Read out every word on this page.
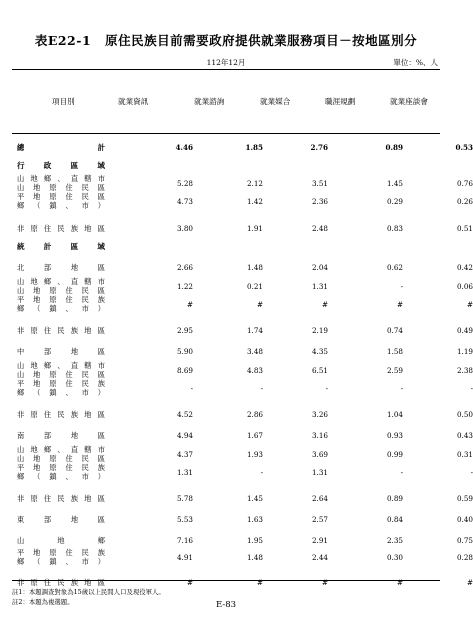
表E22-1 原住民族目前需要政府提供就業服務項目－按地區別分
112年12月	單位：%、人
項目別	就業資訊	就業諮詢	就業媒合	職涯規劃	就業座談會
總	計	4.46	1.85	2.76	0.89	0.53
行	政	區	域
山 地 鄉 、 直 轄 市
山 地 原 住 民 區	5.28	2.12	3.51	1.45	0.76
平 地 原 住 民 區
鄉 （ 鎮 、 市 ）	4.73	1.42	2.36	0.29	0.26
非 原 住 民 族 地 區	3.80	1.91	2.48	0.83	0.51
統	計	區	域
北	部	地	區	2.66	1.48	2.04	0.62	0.42
山 地 鄉 、 直 轄 市
山 地 原 住 民 區	1.22	0.21	1.31	-	0.06
平 地 原 住 民 族
鄉 （ 鎮 、 市 ）	#	#	#	#	#
非 原 住 民 族 地 區	2.95	1.74	2.19	0.74	0.49
中	部	地	區	5.90	3.48	4.35	1.58	1.19
山 地 鄉 、 直 轄 市
山 地 原 住 民 區	8.69	4.83	6.51	2.59	2.38
平 地 原 住 民 族
鄉 （ 鎮 、 市 ）	-	-	-	-	-
非 原 住 民 族 地 區	4.52	2.86	3.26	1.04	0.50
南	部	地	區	4.94	1.67	3.16	0.93	0.43
山 地 鄉 、 直 轄 市
山 地 原 住 民 區	4.37	1.93	3.69	0.99	0.31
平 地 原 住 民 族
鄉 （ 鎮 、 市 ）	1.31	-	1.31	-	-
非 原 住 民 族 地 區	5.78	1.45	2.64	0.89	0.59
東	部	地	區	5.53	1.63	2.57	0.84	0.40
山	地	鄉	7.16	1.95	2.91	2.35	0.75
平 地 原 住 民 族
鄉 （ 鎮 、 市 ）	4.91	1.48	2.44	0.30	0.28
非 原 住 民 族 地 區	#	#	#	#	#
註1：本題調查對象為15歲以上民間人口及現役軍人。
註2：本題為複選題。	E-83
